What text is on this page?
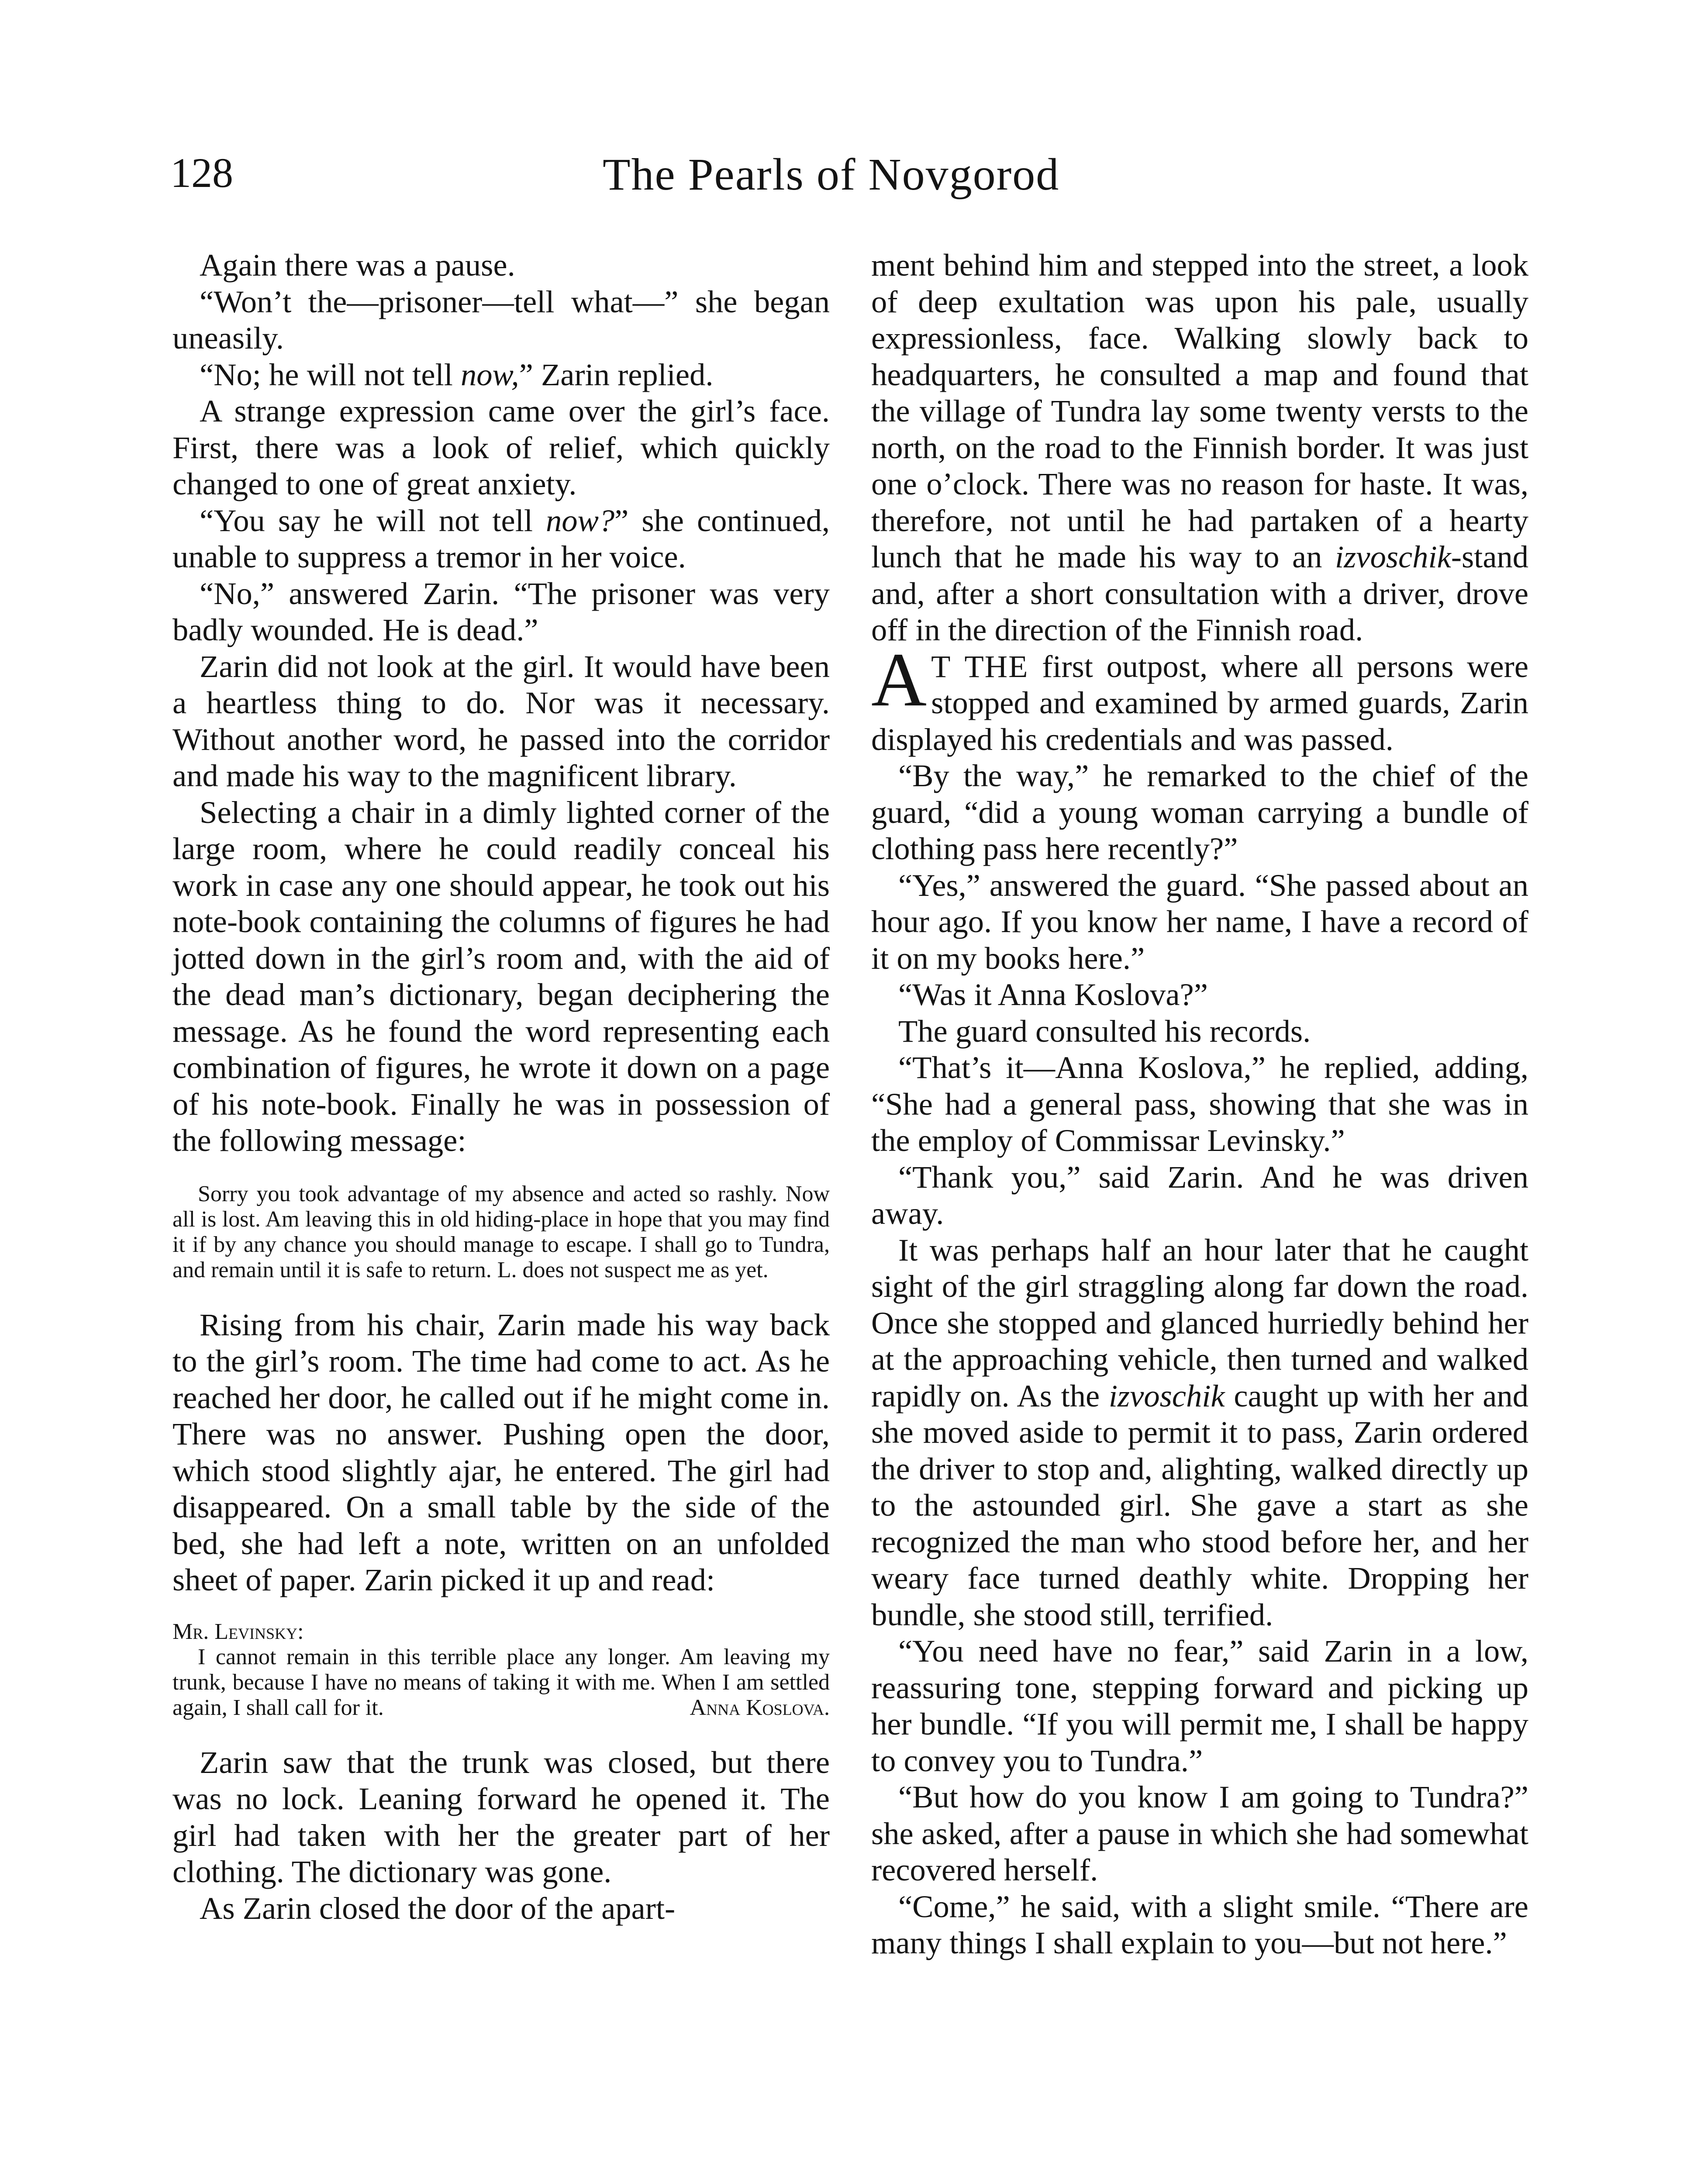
128	The Pearls of Novgorod

Again there was a pause.

“Won’t the—prisoner—tell what—” she began uneasily.

“No; he will not tell now,” Zarin replied.

A strange expression came over the girl’s face. First, there was a look of relief, which quickly changed to one of great anxiety.

“You say he will not tell now?” she continued, unable to suppress a tremor in her voice.

“No,” answered Zarin. “The prisoner was very badly wounded. He is dead.”

Zarin did not look at the girl. It would have been a heartless thing to do. Nor was it necessary. Without another word, he passed into the corridor and made his way to the magnificent library.

Selecting a chair in a dimly lighted corner of the large room, where he could readily conceal his work in case any one should appear, he took out his note-book containing the columns of figures he had jotted down in the girl’s room and, with the aid of the dead man’s dictionary, began deciphering the message. As he found the word representing each combination of figures, he wrote it down on a page of his note-book. Finally he was in possession of the following message:

Sorry you took advantage of my absence and acted so rashly. Now all is lost. Am leaving this in old hiding-place in hope that you may find it if by any chance you should manage to escape. I shall go to Tundra, and remain until it is safe to return. L. does not suspect me as yet.

Rising from his chair, Zarin made his way back to the girl’s room. The time had come to act. As he reached her door, he called out if he might come in. There was no answer. Pushing open the door, which stood slightly ajar, he entered. The girl had disappeared. On a small table by the side of the bed, she had left a note, written on an unfolded sheet of paper. Zarin picked it up and read:

Mr. Levinsky:
I cannot remain in this terrible place any longer. Am leaving my trunk, because I have no means of taking it with me. When I am settled again, I shall call for it.	Anna Koslova.

Zarin saw that the trunk was closed, but there was no lock. Leaning forward he opened it. The girl had taken with her the greater part of her clothing. The dictionary was gone.

As Zarin closed the door of the apart-

ment behind him and stepped into the street, a look of deep exultation was upon his pale, usually expressionless, face. Walking slowly back to headquarters, he consulted a map and found that the village of Tundra lay some twenty versts to the north, on the road to the Finnish border. It was just one o’clock. There was no reason for haste. It was, therefore, not until he had partaken of a hearty lunch that he made his way to an izvoschik-stand and, after a short consultation with a driver, drove off in the direction of the Finnish road.

A T THE first outpost, where all persons were stopped and examined by armed guards, Zarin displayed his credentials and was passed.

“By the way,” he remarked to the chief of the guard, “did a young woman carrying a bundle of clothing pass here recently?”

“Yes,” answered the guard. “She passed about an hour ago. If you know her name, I have a record of it on my books here.”

“Was it Anna Koslova?”

The guard consulted his records.

“That’s it—Anna Koslova,” he replied, adding, “She had a general pass, showing that she was in the employ of Commissar Levinsky.”

“Thank you,” said Zarin. And he was driven away.

It was perhaps half an hour later that he caught sight of the girl straggling along far down the road. Once she stopped and glanced hurriedly behind her at the approaching vehicle, then turned and walked rapidly on. As the izvoschik caught up with her and she moved aside to permit it to pass, Zarin ordered the driver to stop and, alighting, walked directly up to the astounded girl. She gave a start as she recognized the man who stood before her, and her weary face turned deathly white. Dropping her bundle, she stood still, terrified.

“You need have no fear,” said Zarin in a low, reassuring tone, stepping forward and picking up her bundle. “If you will permit me, I shall be happy to convey you to Tundra.”

“But how do you know I am going to Tundra?” she asked, after a pause in which she had somewhat recovered herself.

“Come,” he said, with a slight smile. “There are many things I shall explain to you—but not here.”
